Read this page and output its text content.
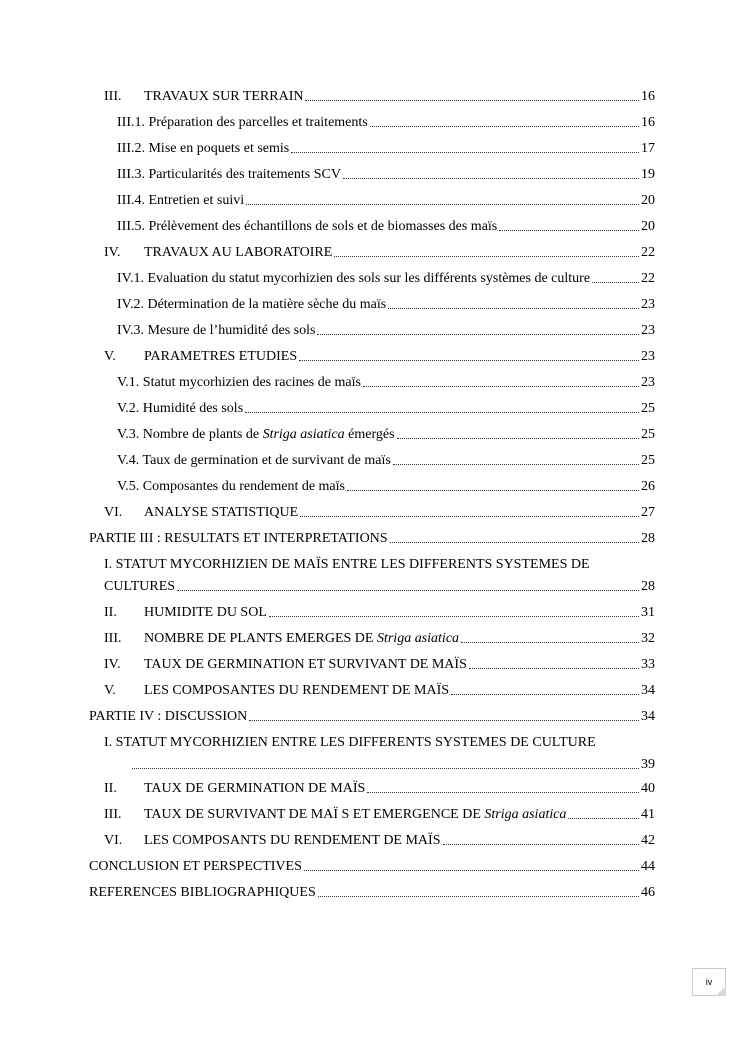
III.	TRAVAUX SUR TERRAIN	16
III.1. Préparation des parcelles et traitements	16
III.2. Mise en poquets et semis	17
III.3. Particularités des traitements SCV	19
III.4. Entretien et suivi	20
III.5. Prélèvement des échantillons de sols et de biomasses des maïs	20
IV.	TRAVAUX AU LABORATOIRE	22
IV.1. Evaluation du statut mycorhizien des sols sur les différents systèmes de culture	22
IV.2. Détermination de la matière sèche du maïs	23
IV.3. Mesure de l’humidité des sols	23
V.	PARAMETRES ETUDIES	23
V.1. Statut mycorhizien des racines de maïs	23
V.2. Humidité des sols	25
V.3. Nombre de plants de Striga asiatica émergés	25
V.4. Taux de germination et de survivant de maïs	25
V.5. Composantes du rendement de maïs	26
VI.	ANALYSE STATISTIQUE	27
PARTIE III : RESULTATS ET INTERPRETATIONS	28
I. STATUT MYCORHIZIEN DE MAÏS ENTRE LES DIFFERENTS SYSTEMES DE
CULTURES	28
II.	HUMIDITE DU SOL	31
III.	NOMBRE DE PLANTS EMERGES DE Striga asiatica	32
IV.	TAUX DE GERMINATION ET SURVIVANT DE MAÏS	33
V.	LES COMPOSANTES DU RENDEMENT DE MAÏS	34
PARTIE IV : DISCUSSION	34
I. STATUT MYCORHIZIEN ENTRE LES DIFFERENTS SYSTEMES DE CULTURE
39
II.	TAUX DE GERMINATION DE MAÏS	40
III.	TAUX DE SURVIVANT DE MAÏ S ET EMERGENCE DE Striga asiatica	41
VI.	LES COMPOSANTS DU RENDEMENT DE MAÏS	42
CONCLUSION ET PERSPECTIVES	44
REFERENCES BIBLIOGRAPHIQUES	46
iv
